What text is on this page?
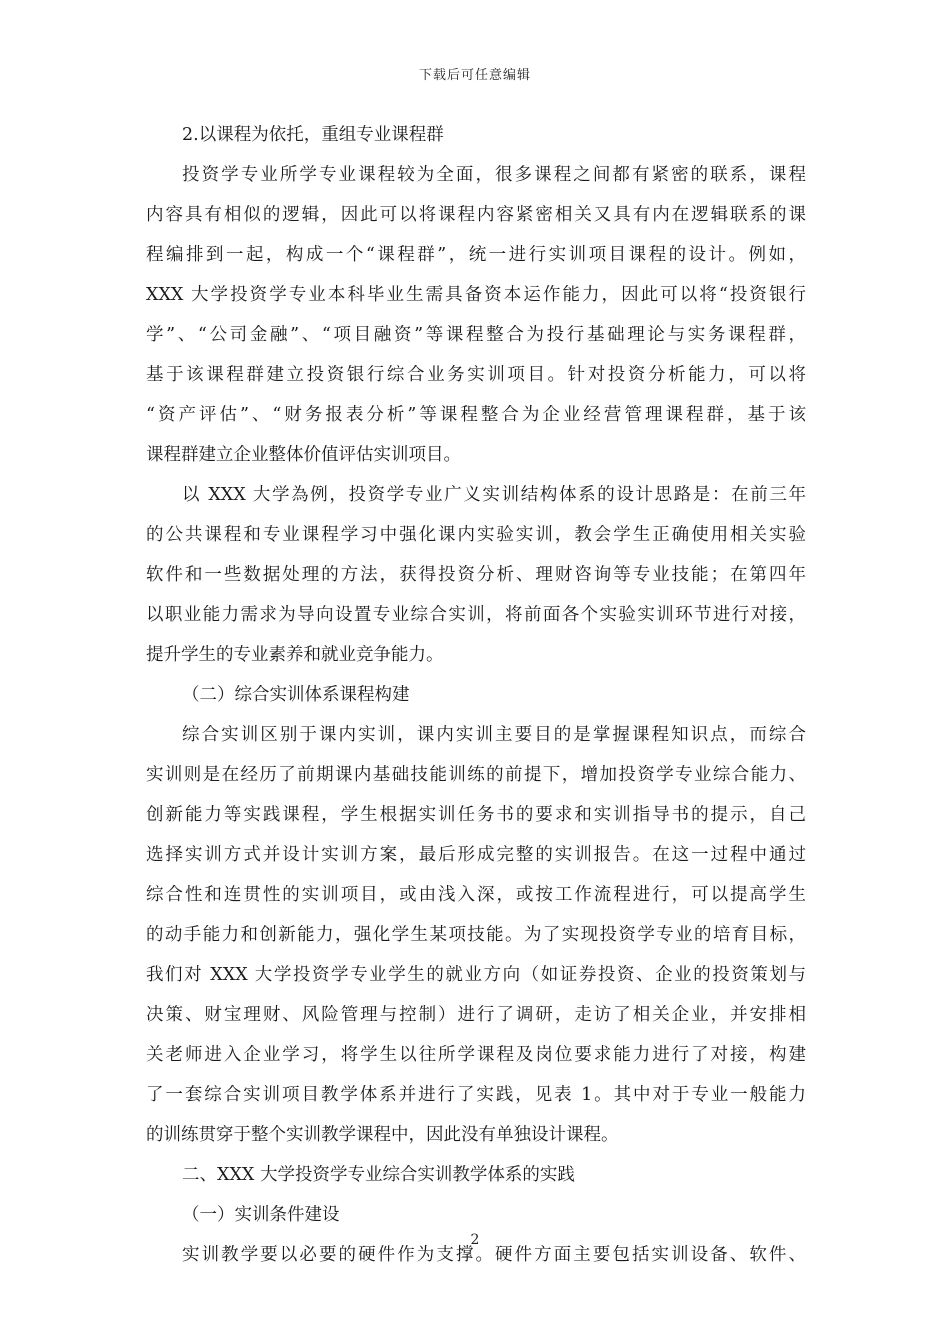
下载后可任意编辑
2.以课程为依托，重组专业课程群
投资学专业所学专业课程较为全面，很多课程之间都有紧密的联系，课程
内容具有相似的逻辑，因此可以将课程内容紧密相关又具有内在逻辑联系的课
程编排到一起，构成一个“课程群”，统一进行实训项目课程的设计。例如，
XXX 大学投资学专业本科毕业生需具备资本运作能力，因此可以将“投资银行
学”、“公司金融”、“项目融资”等课程整合为投行基础理论与实务课程群，
基于该课程群建立投资银行综合业务实训项目。针对投资分析能力，可以将
“资产评估”、“财务报表分析”等课程整合为企业经营管理课程群，基于该
课程群建立企业整体价值评估实训项目。
以 XXX 大学為例，投资学专业广义实训结构体系的设计思路是：在前三年
的公共课程和专业课程学习中强化课内实验实训，教会学生正确使用相关实验
软件和一些数据处理的方法，获得投资分析、理财咨询等专业技能；在第四年
以职业能力需求为导向设置专业综合实训，将前面各个实验实训环节进行对接，
提升学生的专业素养和就业竞争能力。
（二）综合实训体系课程构建
综合实训区别于课内实训，课内实训主要目的是掌握课程知识点，而综合
实训则是在经历了前期课内基础技能训练的前提下，增加投资学专业综合能力、
创新能力等实践课程，学生根据实训任务书的要求和实训指导书的提示，自己
选择实训方式并设计实训方案，最后形成完整的实训报告。在这一过程中通过
综合性和连贯性的实训项目，或由浅入深，或按工作流程进行，可以提高学生
的动手能力和创新能力，强化学生某项技能。为了实现投资学专业的培育目标，
我们对 XXX 大学投资学专业学生的就业方向（如证券投资、企业的投资策划与
决策、财宝理财、风险管理与控制）进行了调研，走访了相关企业，并安排相
关老师进入企业学习，将学生以往所学课程及岗位要求能力进行了对接，构建
了一套综合实训项目教学体系并进行了实践，见表 1。其中对于专业一般能力
的训练贯穿于整个实训教学课程中，因此没有单独设计课程。
二、XXX 大学投资学专业综合实训教学体系的实践
（一）实训条件建设
实训教学要以必要的硬件作为支撑。硬件方面主要包括实训设备、软件、
2
